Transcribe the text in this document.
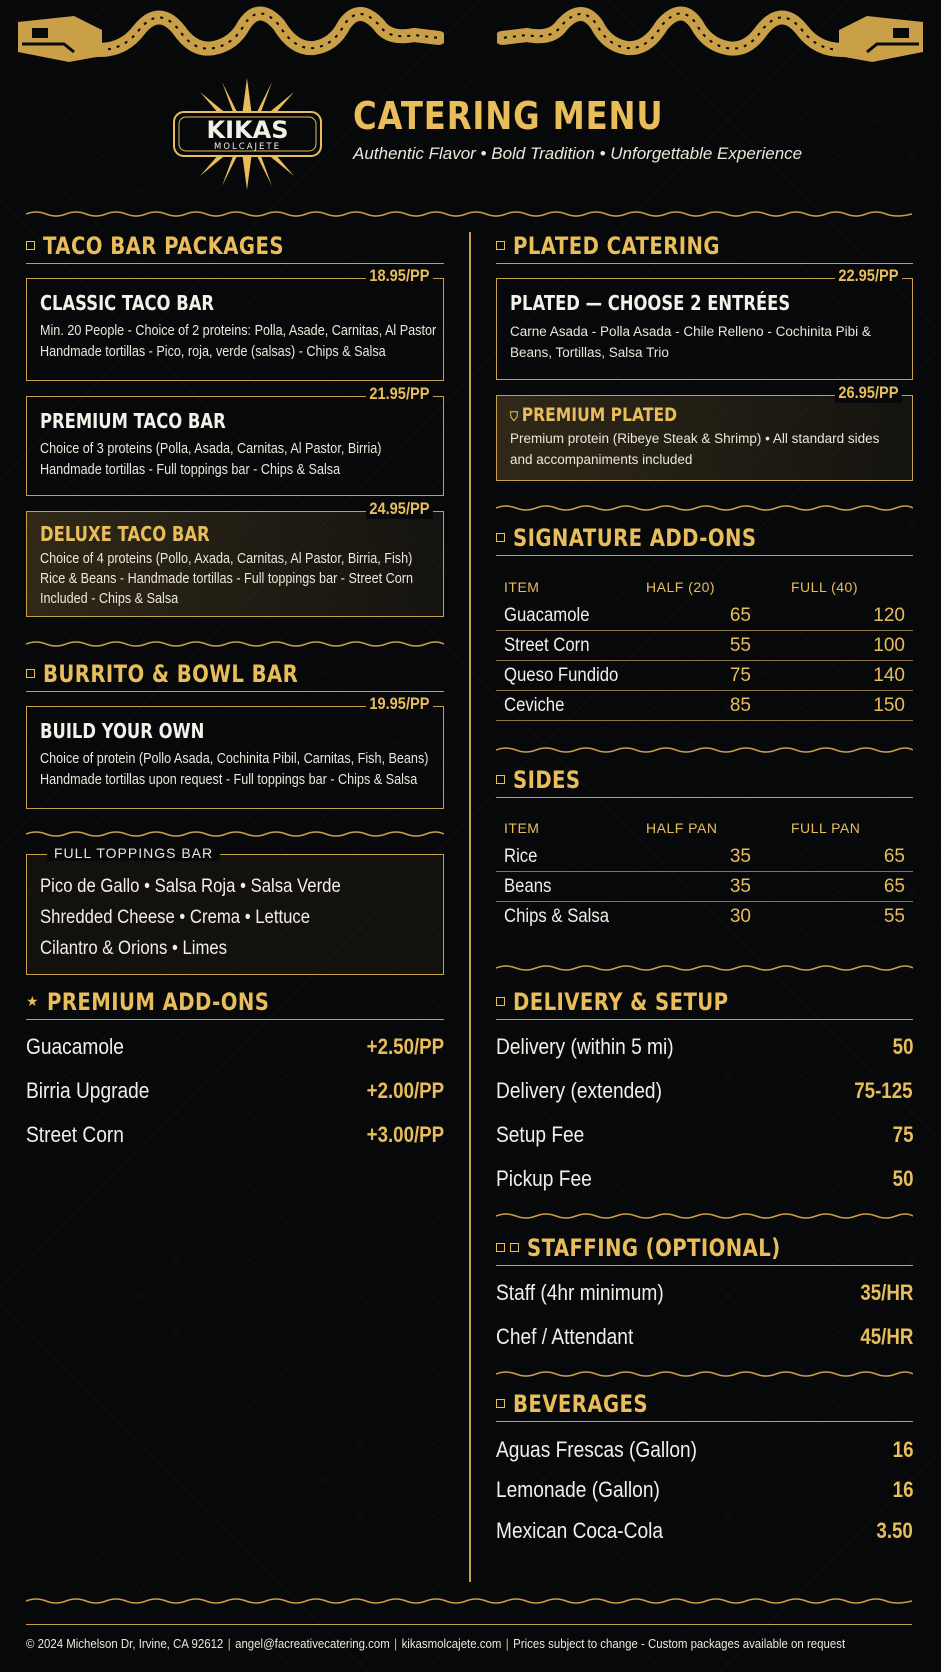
KIKAS
MOLCAJETE
CATERING MENU
Authentic Flavor • Bold Tradition • Unforgettable Experience
TACO BAR PACKAGES
18.95/PP
CLASSIC TACO BAR
Min. 20 People - Choice of 2 proteins: Polla, Asade, Carnitas, Al Pastor
Handmade tortillas - Pico, roja, verde (salsas) - Chips & Salsa
21.95/PP
PREMIUM TACO BAR
Choice of 3 proteins (Polla, Asada, Carnitas, Al Pastor, Birria)
Handmade tortillas - Full toppings bar - Chips & Salsa
24.95/PP
DELUXE TACO BAR
Choice of 4 proteins (Pollo, Axada, Carnitas, Al Pastor, Birria, Fish)
Rice & Beans - Handmade tortillas - Full toppings bar - Street Corn
Included - Chips & Salsa
BURRITO & BOWL BAR
19.95/PP
BUILD YOUR OWN
Choice of protein (Pollo Asada, Cochinita Pibil, Carnitas, Fish, Beans)
Handmade tortillas upon request - Full toppings bar - Chips & Salsa
FULL TOPPINGS BAR
Pico de Gallo • Salsa Roja • Salsa Verde
Shredded Cheese • Crema • Lettuce
Cilantro & Orions • Limes
★ PREMIUM ADD-ONS
Guacamole	+2.50/PP
Birria Upgrade	+2.00/PP
Street Corn	+3.00/PP
PLATED CATERING
22.95/PP
PLATED — CHOOSE 2 ENTRÉES
Carne Asada - Polla Asada - Chile Relleno - Cochinita Pibi & Beans, Tortillas, Salsa Trio
26.95/PP
⛉ PREMIUM PLATED
Premium protein (Ribeye Steak & Shrimp) • All standard sides and accompaniments included
SIGNATURE ADD-ONS
ITEM	HALF (20)	FULL (40)
Guacamole	65	120
Street Corn	55	100
Queso Fundido	75	140
Ceviche	85	150
SIDES
ITEM	HALF PAN	FULL PAN
Rice	35	65
Beans	35	65
Chips & Salsa	30	55
DELIVERY & SETUP
Delivery (within 5 mi)	50
Delivery (extended)	75-125
Setup Fee	75
Pickup Fee	50
STAFFING (OPTIONAL)
Staff (4hr minimum)	35/HR
Chef / Attendant	45/HR
BEVERAGES
Aguas Frescas (Gallon)	16
Lemonade (Gallon)	16
Mexican Coca-Cola	3.50
© 2024 Michelson Dr, Irvine, CA 92612 | angel@facreativecatering.com | kikasmolcajete.com | Prices subject to change - Custom packages available on request
